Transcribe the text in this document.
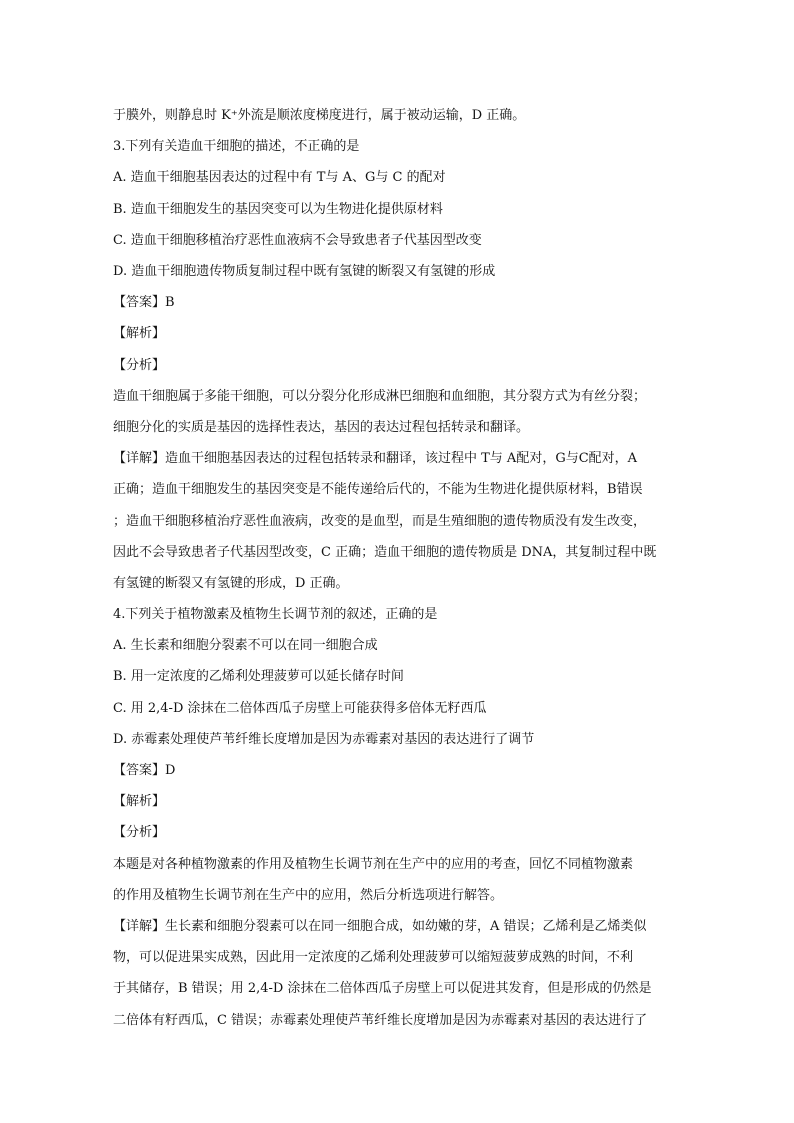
于膜外，则静息时 K⁺外流是顺浓度梯度进行，属于被动运输，D 正确。
3.下列有关造血干细胞的描述，不正确的是
A. 造血干细胞基因表达的过程中有 T与 A、G与 C 的配对
B. 造血干细胞发生的基因突变可以为生物进化提供原材料
C. 造血干细胞移植治疗恶性血液病不会导致患者子代基因型改变
D. 造血干细胞遗传物质复制过程中既有氢键的断裂又有氢键的形成
【答案】B
【解析】
【分析】
造血干细胞属于多能干细胞，可以分裂分化形成淋巴细胞和血细胞，其分裂方式为有丝分裂；
细胞分化的实质是基因的选择性表达，基因的表达过程包括转录和翻译。
【详解】造血干细胞基因表达的过程包括转录和翻译，该过程中 T与 A配对，G与C配对，A
正确；造血干细胞发生的基因突变是不能传递给后代的，不能为生物进化提供原材料，B错误
；造血干细胞移植治疗恶性血液病，改变的是血型，而是生殖细胞的遗传物质没有发生改变，
因此不会导致患者子代基因型改变，C 正确；造血干细胞的遗传物质是 DNA，其复制过程中既
有氢键的断裂又有氢键的形成，D 正确。
4.下列关于植物激素及植物生长调节剂的叙述，正确的是
A. 生长素和细胞分裂素不可以在同一细胞合成
B. 用一定浓度的乙烯利处理菠萝可以延长储存时间
C. 用 2,4-D 涂抹在二倍体西瓜子房壁上可能获得多倍体无籽西瓜
D. 赤霉素处理使芦苇纤维长度增加是因为赤霉素对基因的表达进行了调节
【答案】D
【解析】
【分析】
本题是对各种植物激素的作用及植物生长调节剂在生产中的应用的考查，回忆不同植物激素
的作用及植物生长调节剂在生产中的应用，然后分析选项进行解答。
【详解】生长素和细胞分裂素可以在同一细胞合成，如幼嫩的芽，A 错误；乙烯利是乙烯类似
物，可以促进果实成熟，因此用一定浓度的乙烯利处理菠萝可以缩短菠萝成熟的时间，不利
于其储存，B 错误；用 2,4-D 涂抹在二倍体西瓜子房壁上可以促进其发育，但是形成的仍然是
二倍体有籽西瓜，C 错误；赤霉素处理使芦苇纤维长度增加是因为赤霉素对基因的表达进行了
